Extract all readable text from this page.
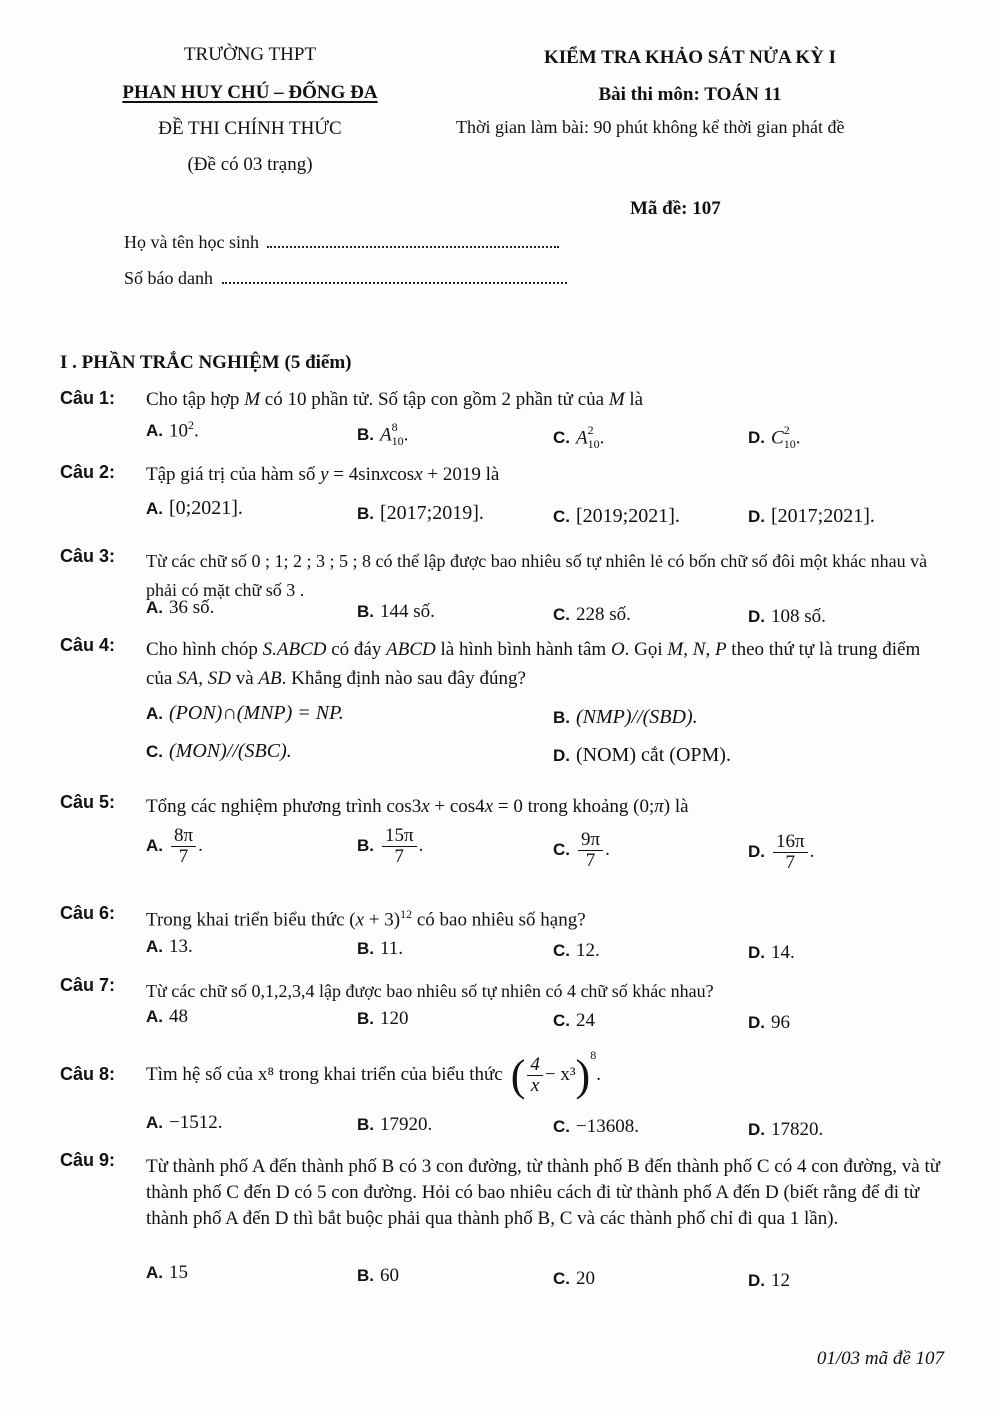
TRƯỜNG THPT
PHAN HUY CHÚ – ĐỐNG ĐA
ĐỀ THI CHÍNH THỨC
(Đề có 03 trạng)
KIỂM TRA KHẢO SÁT NỬA KỲ I
Bài thi môn: TOÁN 11
Thời gian làm bài: 90 phút không kể thời gian phát đề
Mã đề: 107
Họ và tên học sinh
Số báo danh
I . PHẦN TRẮC NGHIỆM (5 điểm)
Câu 1: Cho tập hợp M có 10 phần tử. Số tập con gồm 2 phần tử của M là
A. $10^2$.	B. $A^8_{10}$.	C. $A^2_{10}$.	D. $C^2_{10}$.
Câu 2: Tập giá trị của hàm số y = 4sinxcosx + 2019 là
A. [0;2021].	B. [2017;2019].	C. [2019;2021].	D. [2017;2021].
Câu 3: Từ các chữ số 0 ; 1; 2 ; 3 ; 5 ; 8 có thể lập được bao nhiêu số tự nhiên lẻ có bốn chữ số đôi một khác nhau và phải có mặt chữ số 3 .
A. 36 số.	B. 144 số.	C. 228 số.	D. 108 số.
Câu 4: Cho hình chóp S.ABCD có đáy ABCD là hình bình hành tâm O. Gọi M, N, P theo thứ tự là trung điểm của SA, SD và AB. Khẳng định nào sau đây đúng?
A. (PON)∩(MNP) = NP.	B. (NMP)//(SBD).
C. (MON)//(SBC).	D. (NOM) cắt (OPM).
Câu 5: Tổng các nghiệm phương trình cos3x + cos4x = 0 trong khoảng (0;π) là
A. $\frac{8\pi}{7}$ .	B. $\frac{15\pi}{7}$ .	C. $\frac{9\pi}{7}$ .	D. $\frac{16\pi}{7}$ .
Câu 6: Trong khai triển biểu thức $(x + 3)^{12}$ có bao nhiêu số hạng?
A. 13.	B. 11.	C. 12.	D. 14.
Câu 7: Từ các chữ số 0,1,2,3,4 lập được bao nhiêu số tự nhiên có 4 chữ số khác nhau?
A. 48	B. 120	C. 24	D. 96
Câu 8: Tìm hệ số của x⁸ trong khai triển của biểu thức ( $\frac{4}{x} - x^3$ )$^8$
.
A. −1512.	B. 17920.	C. −13608.	D. 17820.
Câu 9: Từ thành phố A đến thành phố B có 3 con đường, từ thành phố B đến thành phố C có 4 con đường, và từ thành phố C đến D có 5 con đường. Hỏi có bao nhiêu cách đi từ thành phố A đến D (biết rằng để đi từ thành phố A đến D thì bắt buộc phải qua thành phố B, C và các thành phố chỉ đi qua 1 lần).
A. 15	B. 60	C. 20	D. 12
01/03 mã đề 107
